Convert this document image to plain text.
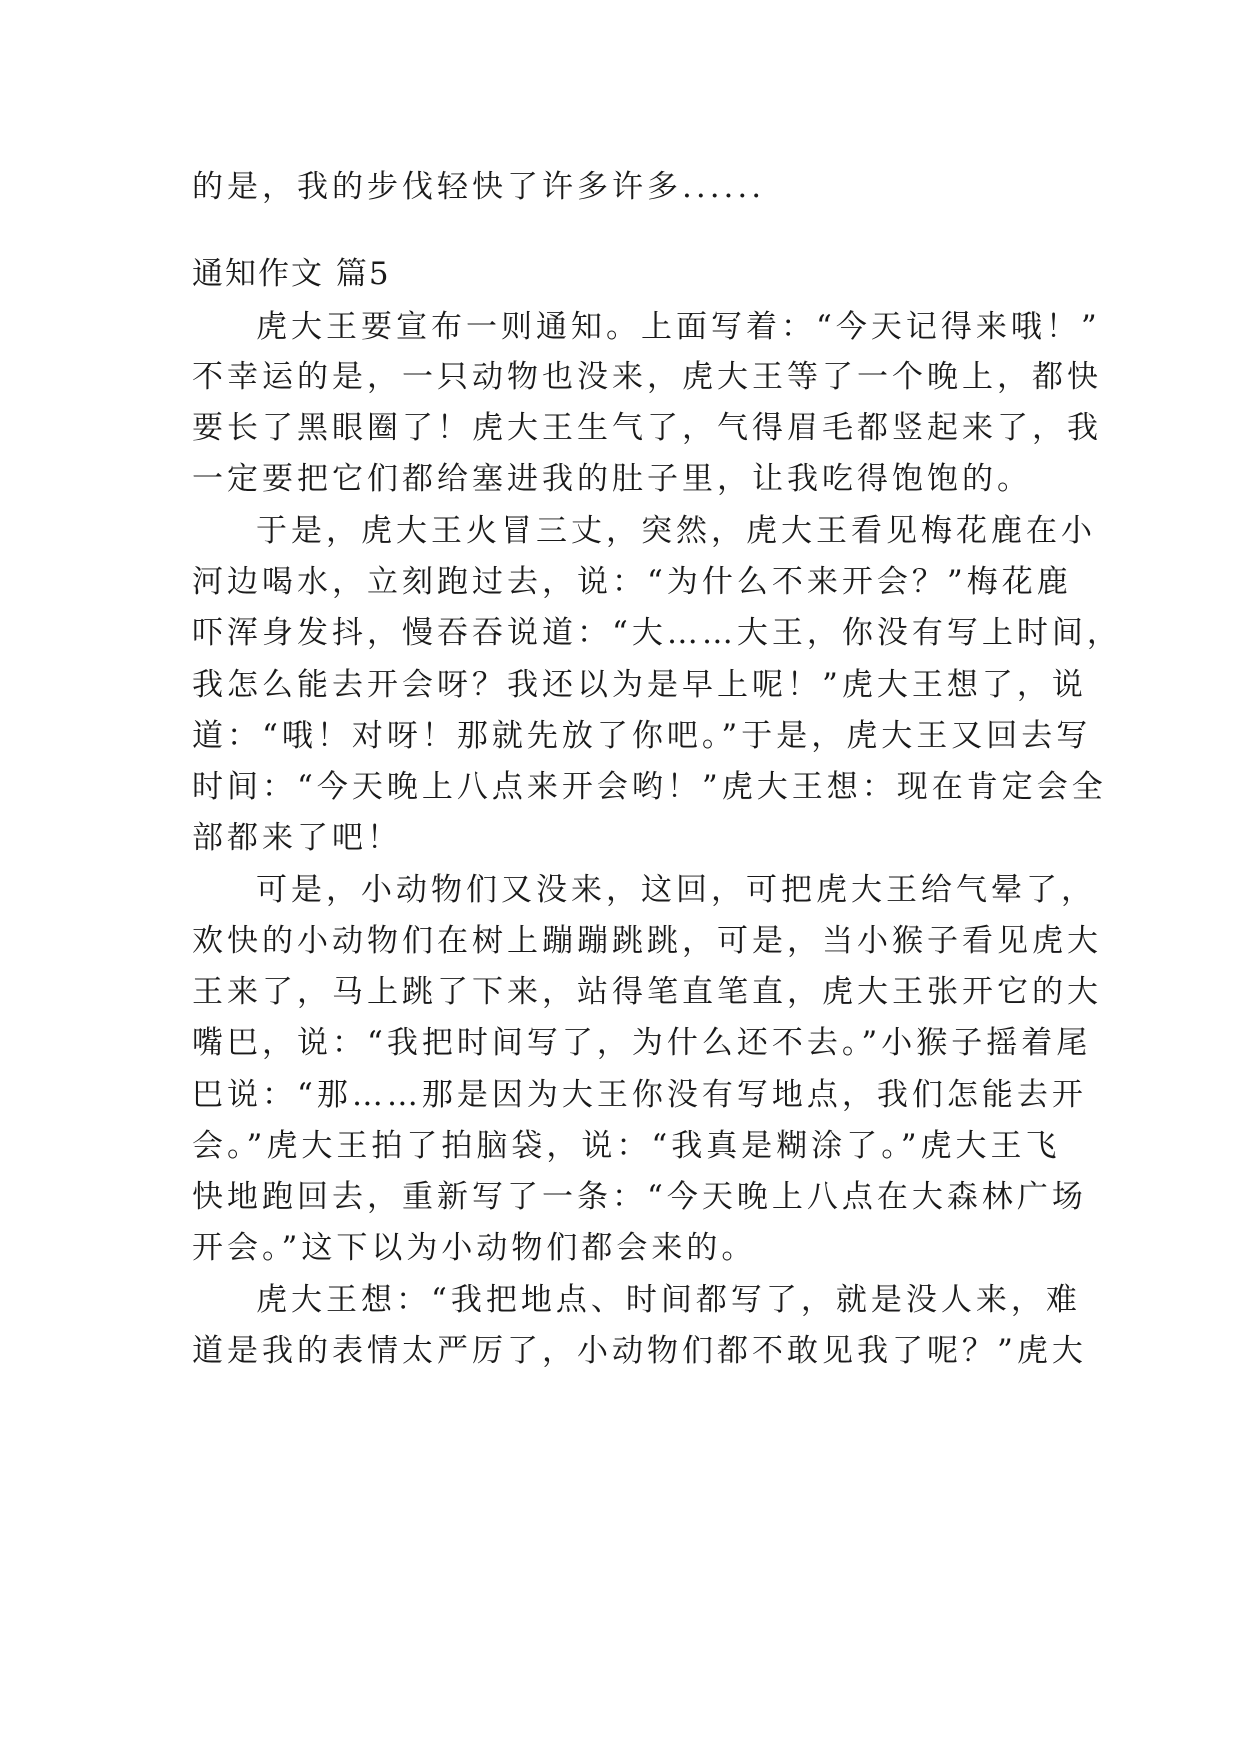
的是，我的步伐轻快了许多许多......
通知作文 篇5
虎大王要宣布一则通知。上面写着：“今天记得来哦！”
不幸运的是，一只动物也没来，虎大王等了一个晚上，都快
要长了黑眼圈了！虎大王生气了，气得眉毛都竖起来了，我
一定要把它们都给塞进我的肚子里，让我吃得饱饱的。
于是，虎大王火冒三丈，突然，虎大王看见梅花鹿在小
河边喝水，立刻跑过去，说：“为什么不来开会？”梅花鹿
吓浑身发抖，慢吞吞说道：“大……大王，你没有写上时间，
我怎么能去开会呀？我还以为是早上呢！”虎大王想了，说
道：“哦！对呀！那就先放了你吧。”于是，虎大王又回去写
时间：“今天晚上八点来开会哟！”虎大王想：现在肯定会全
部都来了吧！
可是，小动物们又没来，这回，可把虎大王给气晕了，
欢快的小动物们在树上蹦蹦跳跳，可是，当小猴子看见虎大
王来了，马上跳了下来，站得笔直笔直，虎大王张开它的大
嘴巴，说：“我把时间写了，为什么还不去。”小猴子摇着尾
巴说：“那……那是因为大王你没有写地点，我们怎能去开
会。”虎大王拍了拍脑袋，说：“我真是糊涂了。”虎大王飞
快地跑回去，重新写了一条：“今天晚上八点在大森林广场
开会。”这下以为小动物们都会来的。
虎大王想：“我把地点、时间都写了，就是没人来，难
道是我的表情太严厉了，小动物们都不敢见我了呢？”虎大
